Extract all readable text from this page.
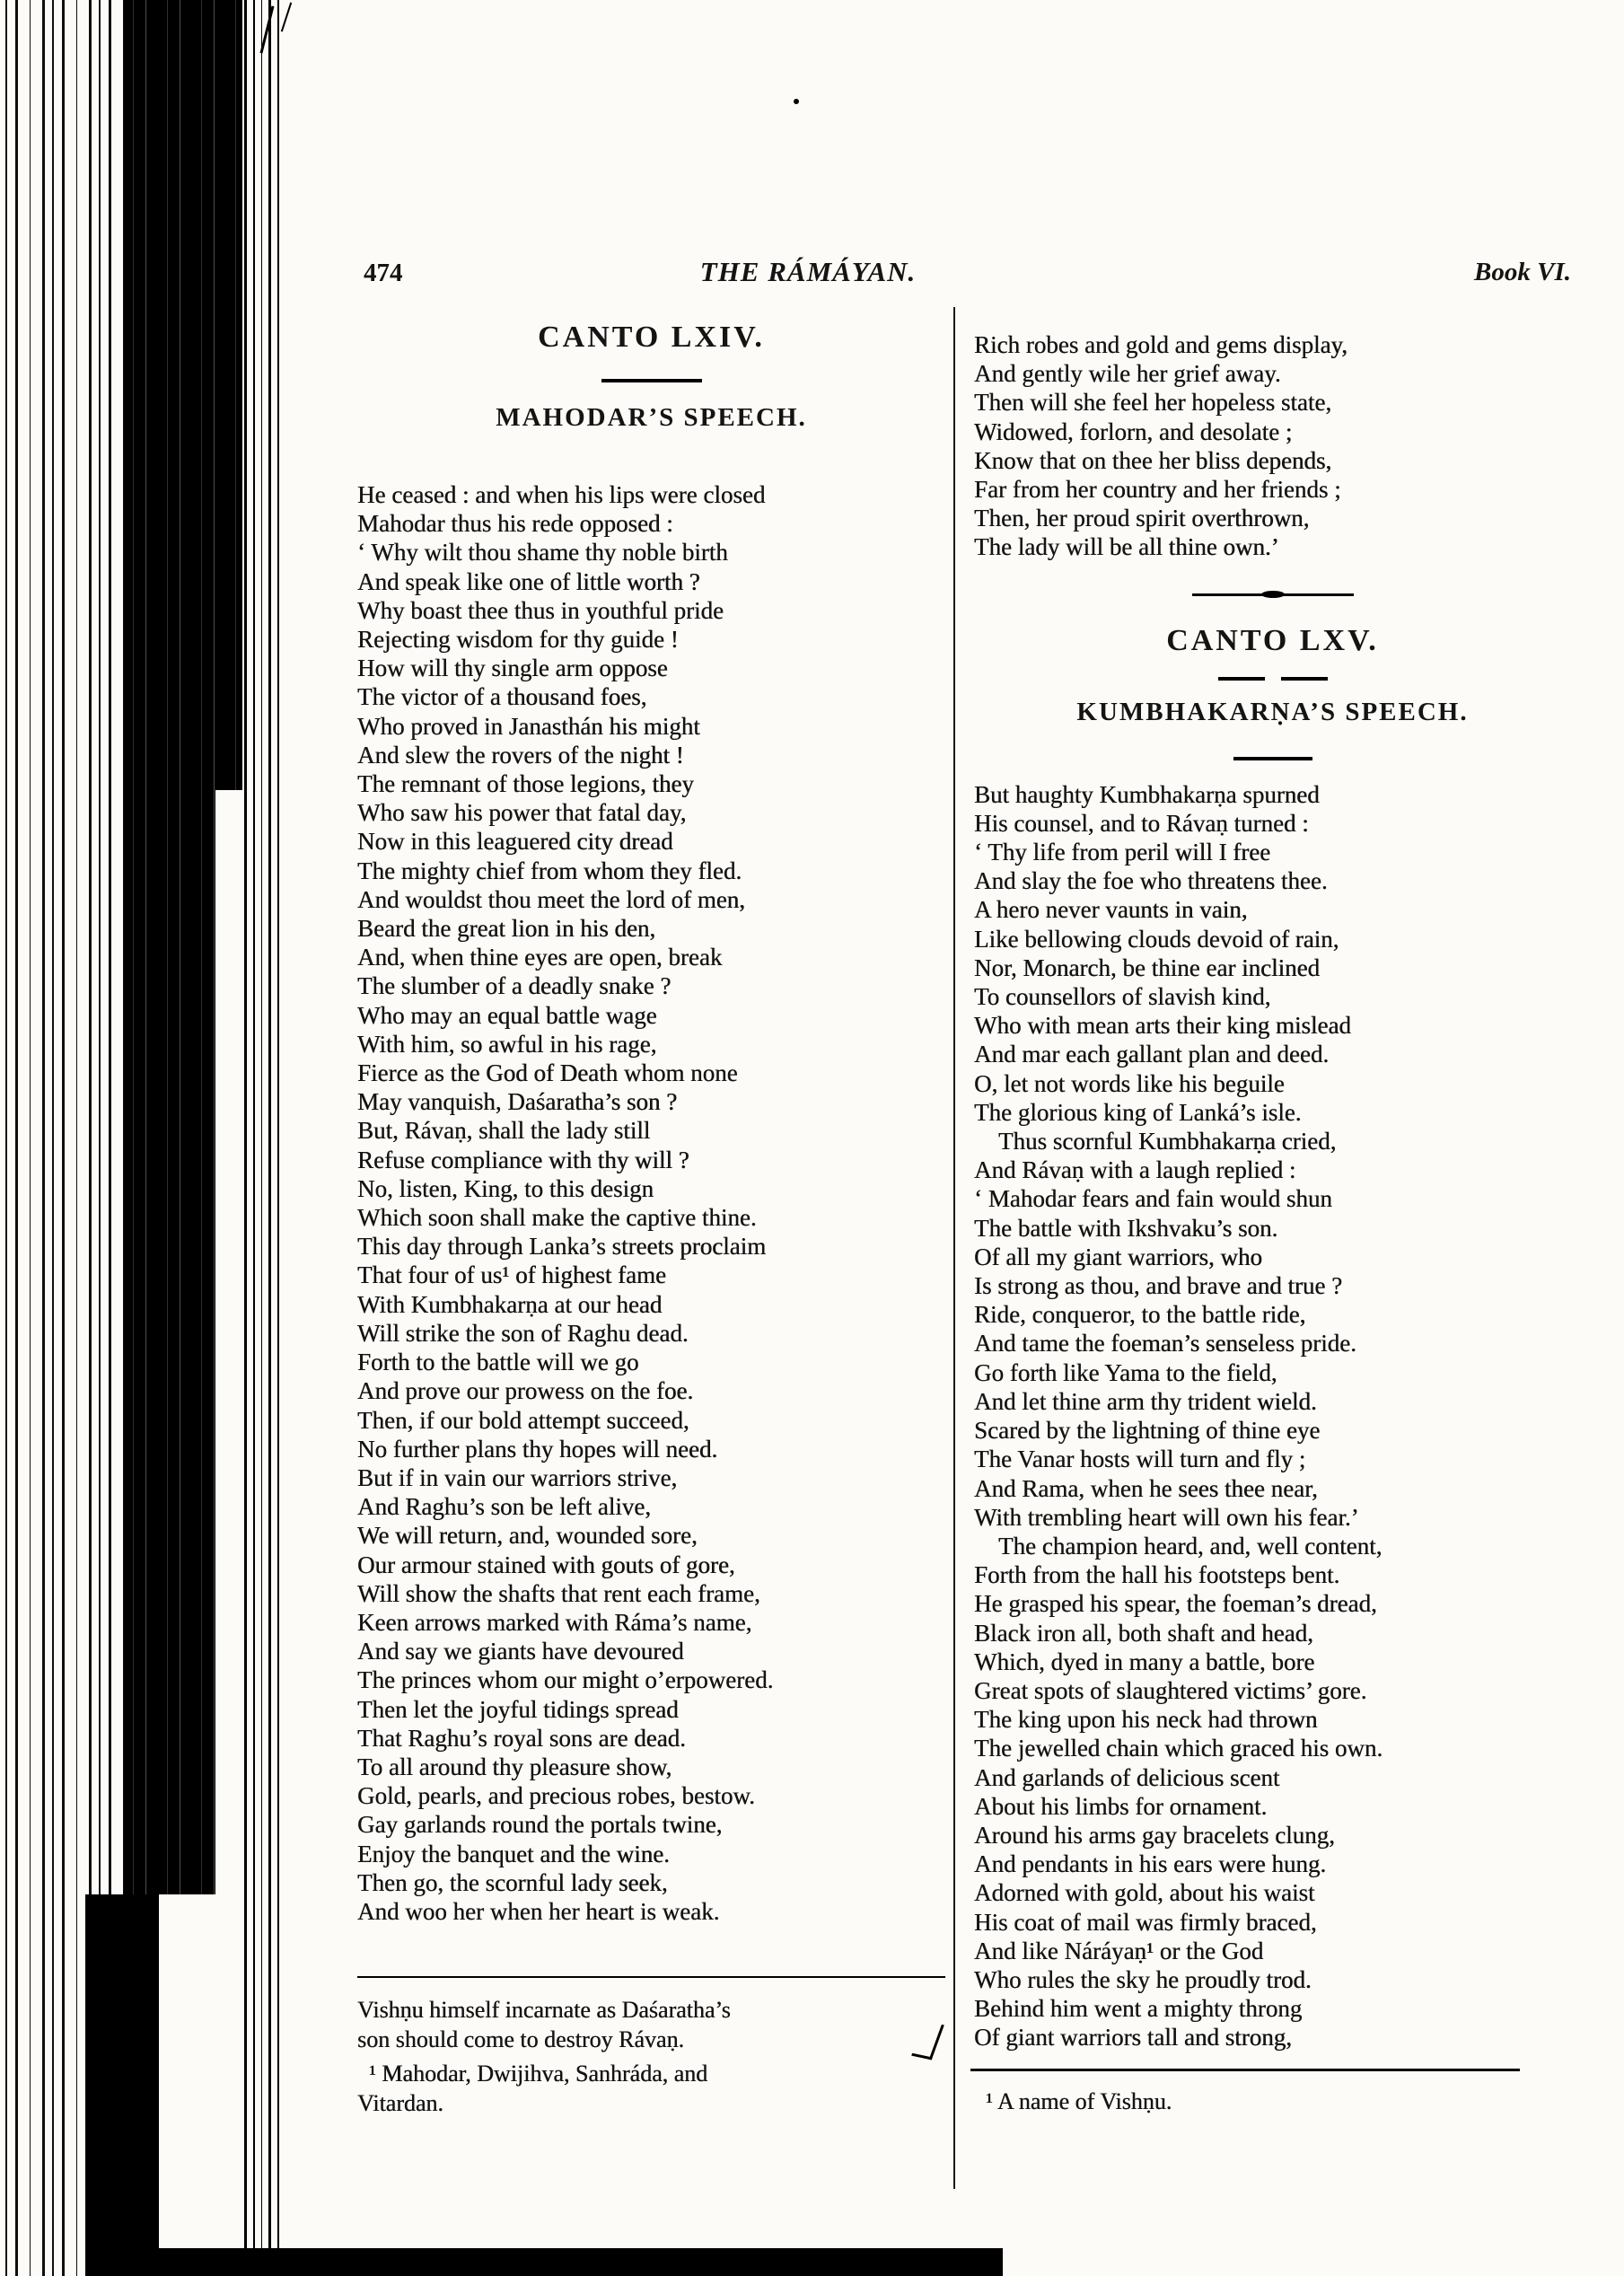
474	THE RÁMÁYAN.	Book VI.
CANTO LXIV.
MAHODAR’S SPEECH.
He ceased : and when his lips were closed
Mahodar thus his rede opposed :
‘ Why wilt thou shame thy noble birth
And speak like one of little worth ?
Why boast thee thus in youthful pride
Rejecting wisdom for thy guide !
How will thy single arm oppose
The victor of a thousand foes,
Who proved in Janasthán his might
And slew the rovers of the night !
The remnant of those legions, they
Who saw his power that fatal day,
Now in this leaguered city dread
The mighty chief from whom they fled.
And wouldst thou meet the lord of men,
Beard the great lion in his den,
And, when thine eyes are open, break
The slumber of a deadly snake ?
Who may an equal battle wage
With him, so awful in his rage,
Fierce as the God of Death whom none
May vanquish, Daśaratha’s son ?
But, Rávaṇ, shall the lady still
Refuse compliance with thy will ?
No, listen, King, to this design
Which soon shall make the captive thine.
This day through Lanka’s streets proclaim
That four of us¹ of highest fame
With Kumbhakarṇa at our head
Will strike the son of Raghu dead.
Forth to the battle will we go
And prove our prowess on the foe.
Then, if our bold attempt succeed,
No further plans thy hopes will need.
But if in vain our warriors strive,
And Raghu’s son be left alive,
We will return, and, wounded sore,
Our armour stained with gouts of gore,
Will show the shafts that rent each frame,
Keen arrows marked with Ráma’s name,
And say we giants have devoured
The princes whom our might o’erpowered.
Then let the joyful tidings spread
That Raghu’s royal sons are dead.
To all around thy pleasure show,
Gold, pearls, and precious robes, bestow.
Gay garlands round the portals twine,
Enjoy the banquet and the wine.
Then go, the scornful lady seek,
And woo her when her heart is weak.
Vishṇu himself incarnate as Daśaratha’s
son should come to destroy Rávaṇ.
 ¹ Mahodar, Dwijihva, Sanhráda, and
Vitardan.
Rich robes and gold and gems display,
And gently wile her grief away.
Then will she feel her hopeless state,
Widowed, forlorn, and desolate ;
Know that on thee her bliss depends,
Far from her country and her friends ;
Then, her proud spirit overthrown,
The lady will be all thine own.’
CANTO LXV.
KUMBHAKARṆA’S SPEECH.
But haughty Kumbhakarṇa spurned
His counsel, and to Rávaṇ turned :
‘ Thy life from peril will I free
And slay the foe who threatens thee.
A hero never vaunts in vain,
Like bellowing clouds devoid of rain,
Nor, Monarch, be thine ear inclined
To counsellors of slavish kind,
Who with mean arts their king mislead
And mar each gallant plan and deed.
O, let not words like his beguile
The glorious king of Lanká’s isle.
 Thus scornful Kumbhakarṇa cried,
And Rávaṇ with a laugh replied :
‘ Mahodar fears and fain would shun
The battle with Ikshvaku’s son.
Of all my giant warriors, who
Is strong as thou, and brave and true ?
Ride, conqueror, to the battle ride,
And tame the foeman’s senseless pride.
Go forth like Yama to the field,
And let thine arm thy trident wield.
Scared by the lightning of thine eye
The Vanar hosts will turn and fly ;
And Rama, when he sees thee near,
With trembling heart will own his fear.’
 The champion heard, and, well content,
Forth from the hall his footsteps bent.
He grasped his spear, the foeman’s dread,
Black iron all, both shaft and head,
Which, dyed in many a battle, bore
Great spots of slaughtered victims’ gore.
The king upon his neck had thrown
The jewelled chain which graced his own.
And garlands of delicious scent
About his limbs for ornament.
Around his arms gay bracelets clung,
And pendants in his ears were hung.
Adorned with gold, about his waist
His coat of mail was firmly braced,
And like Náráyaṇ¹ or the God
Who rules the sky he proudly trod.
Behind him went a mighty throng
Of giant warriors tall and strong,
 ¹ A name of Vishṇu.
